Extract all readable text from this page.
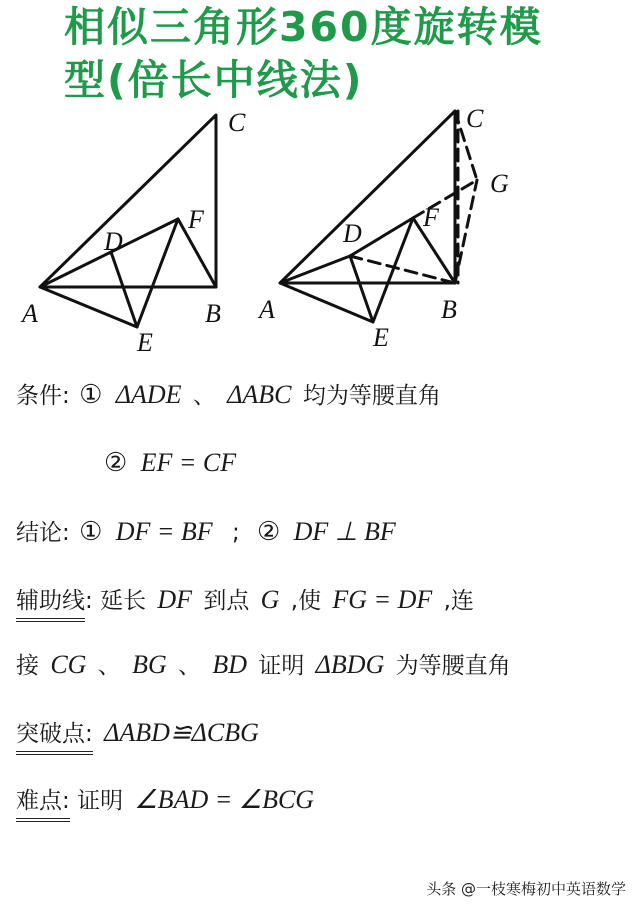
相似三角形360度旋转模
型(倍长中线法)
C
D
F
A	B
E
C
G
D
F
A	B
E
条件: ① ΔADE 、 ΔABC 均为等腰直角
② EF = CF
结论: ① DF = BF ; ② DF ⊥ BF
辅助线: 延长 DF 到点 G ,使 FG = DF ,连
接 CG 、 BG 、 BD 证明 ΔBDG 为等腰直角
突破点: ΔABD≌ΔCBG
难点: 证明 ∠BAD = ∠BCG
头条 @一枝寒梅初中英语数学
